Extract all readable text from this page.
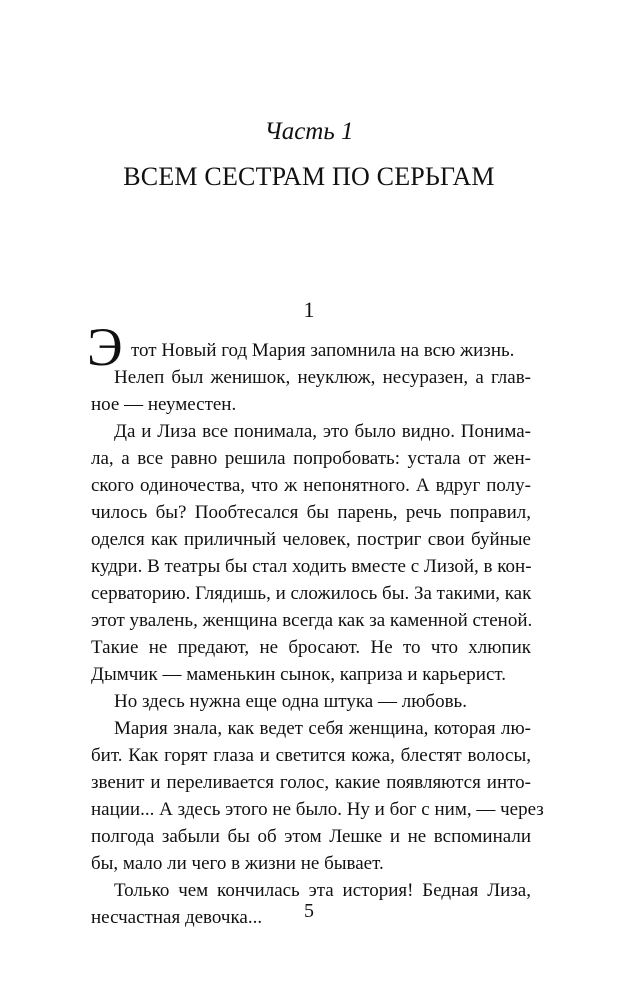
Часть 1
ВСЕМ СЕСТРАМ ПО СЕРЬГАМ
1
Э тот Новый год Мария запомнила на всю жизнь.
Нелеп был женишок, неуклюж, несуразен, а глав-
ное — неуместен.
Да и Лиза все понимала, это было видно. Понима-
ла, а все равно решила попробовать: устала от жен-
ского одиночества, что ж непонятного. А вдруг полу-
чилось бы? Пообтесался бы парень, речь поправил,
оделся как приличный человек, постриг свои буйные
кудри. В театры бы стал ходить вместе с Лизой, в кон-
серваторию. Глядишь, и сложилось бы. За такими, как
этот увалень, женщина всегда как за каменной стеной.
Такие не предают, не бросают. Не то что хлюпик
Дымчик — маменькин сынок, каприза и карьерист.
Но здесь нужна еще одна штука — любовь.
Мария знала, как ведет себя женщина, которая лю-
бит. Как горят глаза и светится кожа, блестят волосы,
звенит и переливается голос, какие появляются инто-
нации... А здесь этого не было. Ну и бог с ним, — через
полгода забыли бы об этом Лешке и не вспоминали
бы, мало ли чего в жизни не бывает.
Только чем кончилась эта история! Бедная Лиза,
несчастная девочка...	5
